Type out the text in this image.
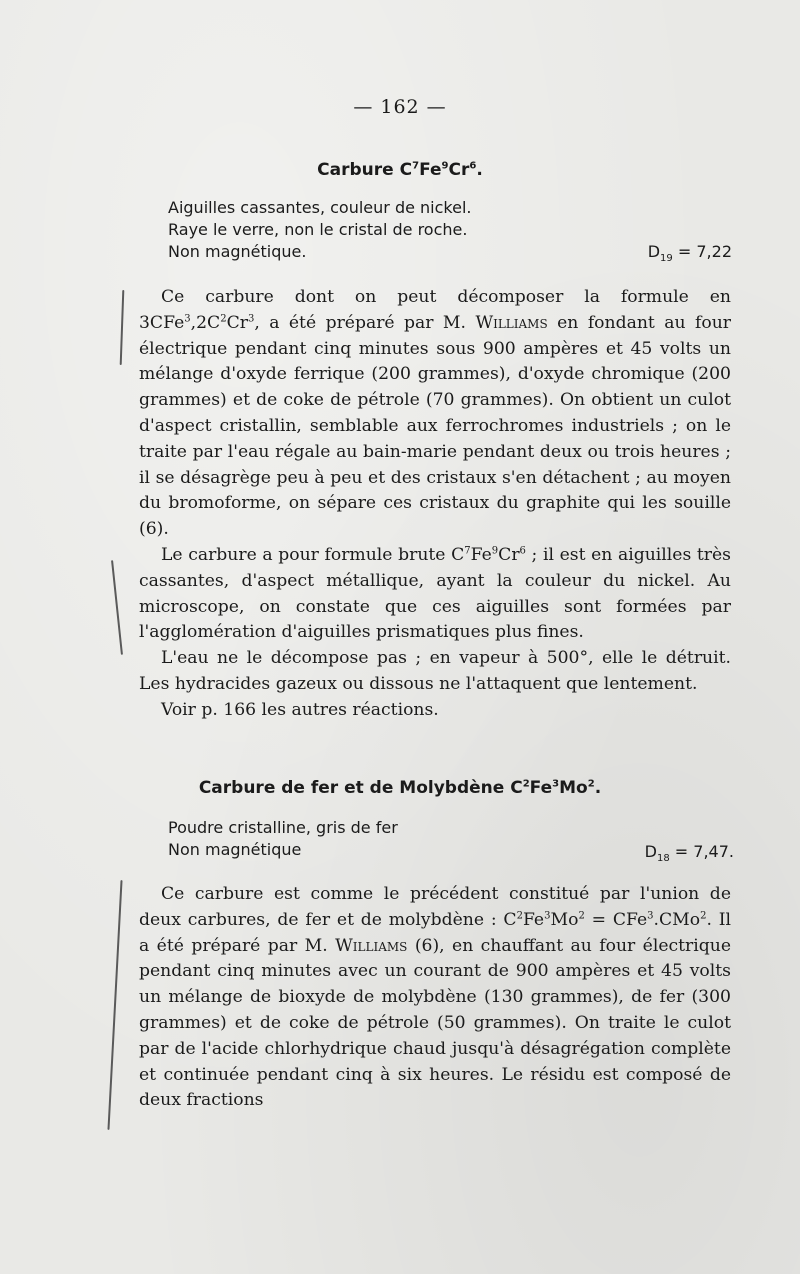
— 162 —
Carbure $C^7Fe^9Cr^6$.
Aiguilles cassantes, couleur de nickel.
Raye le verre, non le cristal de roche.
Non magnétique.	$D_{19} = 7,22$

Ce carbure dont on peut décomposer la formule en $3CFe^3,2C^2Cr^3$, a été préparé par M. Williams en fondant au four électrique pendant cinq minutes sous 900 ampères et 45 volts un mélange d'oxyde ferrique (200 grammes), d'oxyde chromique (200 grammes) et de coke de pétrole (70 grammes). On obtient un culot d'aspect cristallin, semblable aux ferrochromes industriels ; on le traite par l'eau régale au bain-marie pendant deux ou trois heures ; il se désagrège peu à peu et des cristaux s'en détachent ; au moyen du bromoforme, on sépare ces cristaux du graphite qui les souille (6).

Le carbure a pour formule brute $C^7Fe^9Cr^6$ ; il est en aiguilles très cassantes, d'aspect métallique, ayant la couleur du nickel. Au microscope, on constate que ces aiguilles sont formées par l'agglomération d'aiguilles prismatiques plus fines.

L'eau ne le décompose pas ; en vapeur à 500°, elle le détruit. Les hydracides gazeux ou dissous ne l'attaquent que lentement.

Voir p. 166 les autres réactions.

Carbure de fer et de Molybdène $C^2Fe^3Mo^2$.
Poudre cristalline, gris de fer
Non magnétique	$D_{18} = 7,47$.

Ce carbure est comme le précédent constitué par l'union de deux carbures, de fer et de molybdène : $C^2Fe^3Mo^2 = CFe^3.CMo^2$. Il a été préparé par M. Williams (6), en chauffant au four électrique pendant cinq minutes avec un courant de 900 ampères et 45 volts un mélange de bioxyde de molybdène (130 grammes), de fer (300 grammes) et de coke de pétrole (50 grammes). On traite le culot par de l'acide chlorhydrique chaud jusqu'à désagrégation complète et continuée pendant cinq à six heures. Le résidu est composé de deux fractions
